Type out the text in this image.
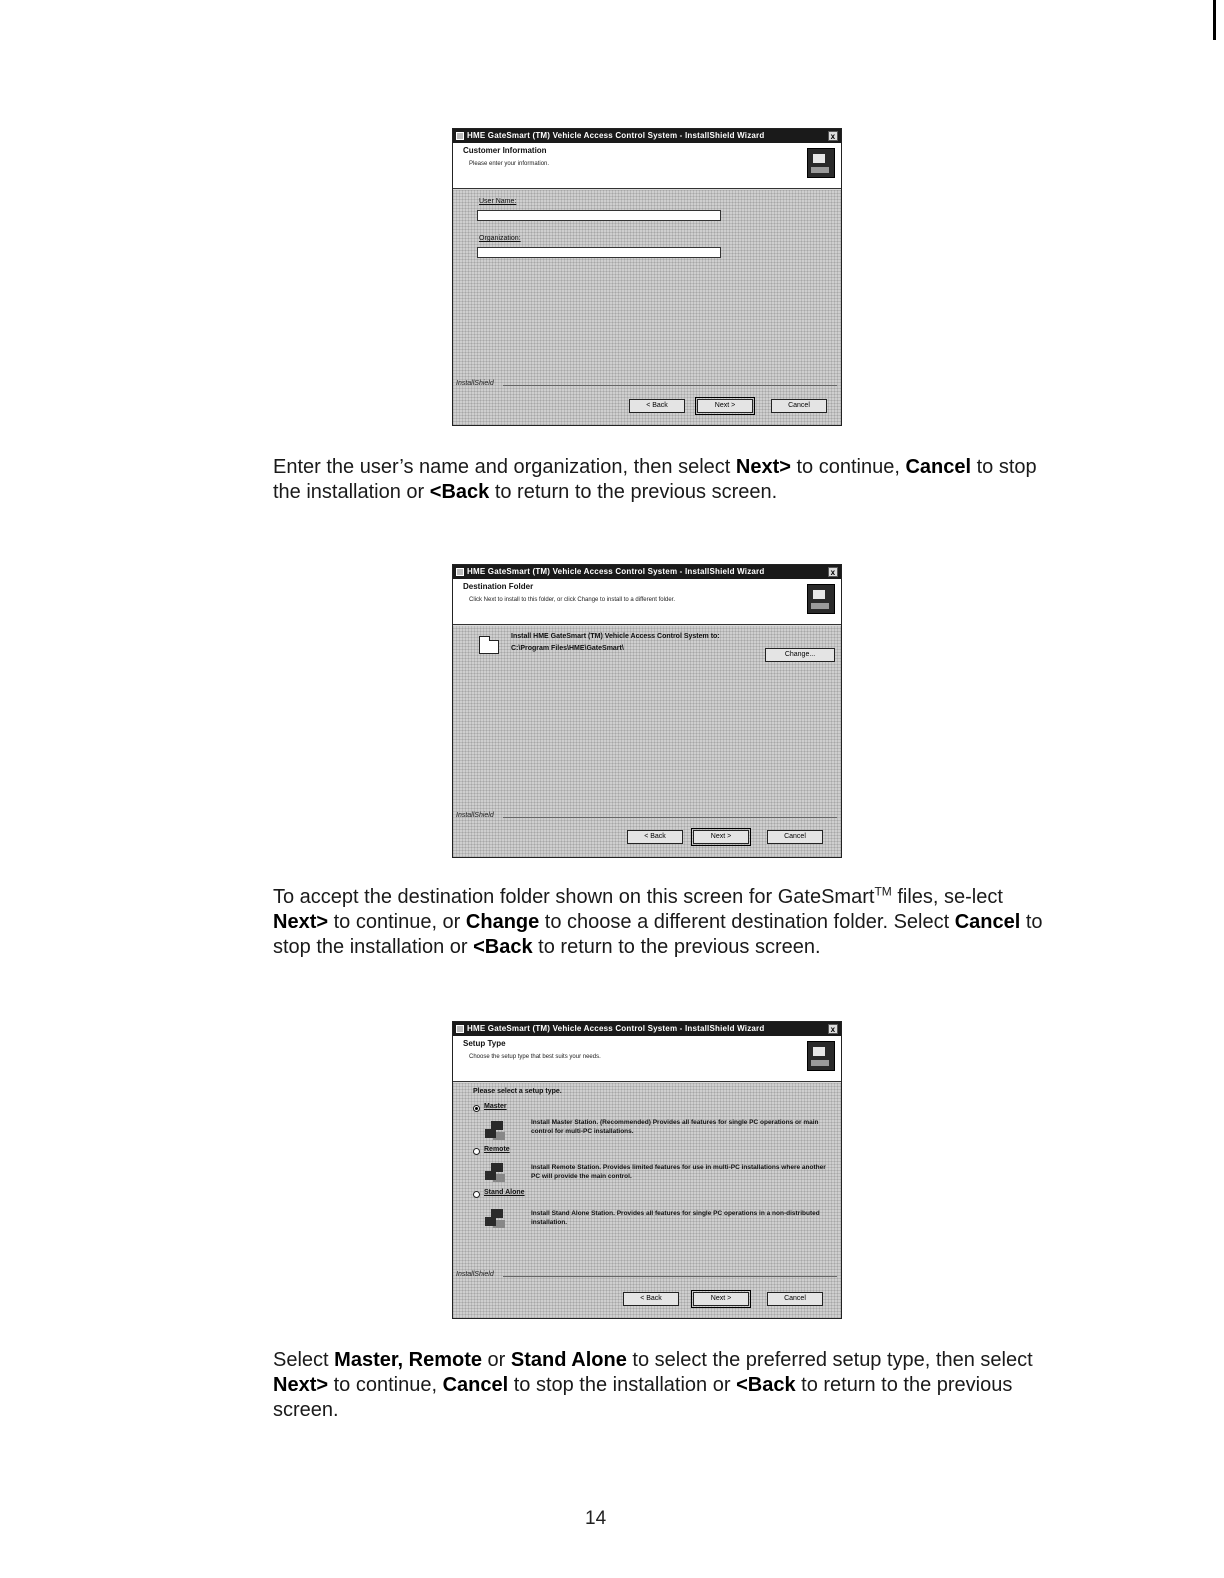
HME GateSmart (TM) Vehicle Access Control System - InstallShield Wizard	x
Customer Information
Please enter your information.
User Name:
Organization:
InstallShield
< Back	Next >	Cancel
Enter the user’s name and organization, then select Next> to continue, Cancel to stop the installation or <Back to return to the previous screen.
HME GateSmart (TM) Vehicle Access Control System - InstallShield Wizard	x
Destination Folder
Click Next to install to this folder, or click Change to install to a different folder.
Install HME GateSmart (TM) Vehicle Access Control System to:
C:\Program Files\HME\GateSmart\
Change...
InstallShield
< Back	Next >	Cancel
To accept the destination folder shown on this screen for GateSmart™ files, se-lect Next> to continue, or Change to choose a different destination folder. Select Cancel to stop the installation or <Back to return to the previous screen.
HME GateSmart (TM) Vehicle Access Control System - InstallShield Wizard	x
Setup Type
Choose the setup type that best suits your needs.
Please select a setup type.
Master
Install Master Station. (Recommended) Provides all features for single PC operations or main control for multi-PC installations.
Remote
Install Remote Station. Provides limited features for use in multi-PC installations where another PC will provide the main control.
Stand Alone
Install Stand Alone Station. Provides all features for single PC operations in a non-distributed installation.
InstallShield
< Back	Next >	Cancel
Select Master, Remote or Stand Alone to select the preferred setup type, then select Next> to continue, Cancel to stop the installation or <Back to return to the previous screen.
14
